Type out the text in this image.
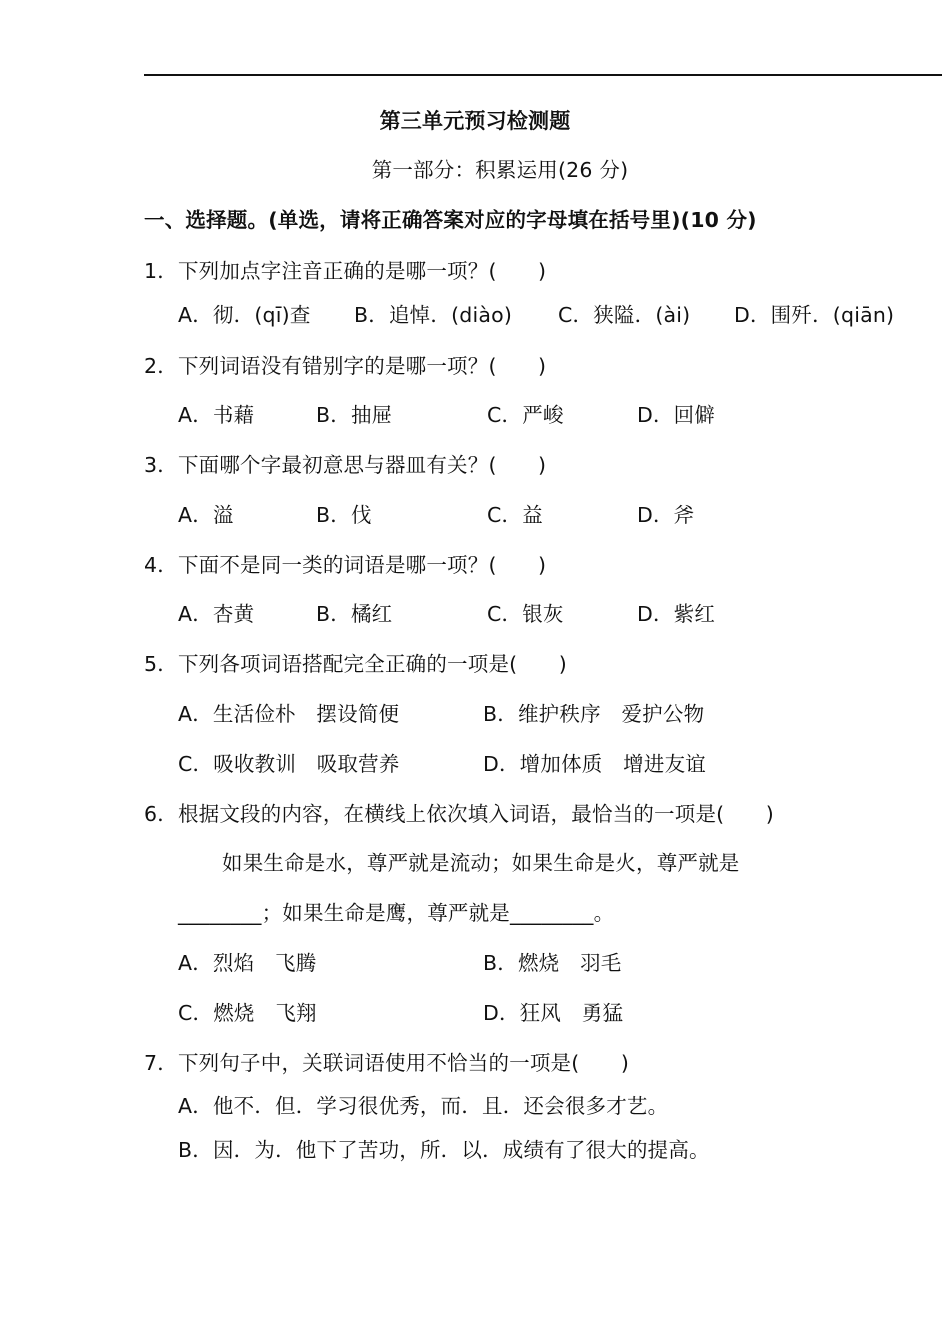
第三单元预习检测题
第一部分：积累运用(26 分)
一、选择题。(单选，请将正确答案对应的字母填在括号里)(10 分)
1．下列加点字注音正确的是哪一项？(　　)
A．彻．(qī)查 B．追悼．(diào) C．狭隘．(ài) D．围歼．(qiān)
2．下列词语没有错别字的是哪一项？(　　)
A．书藉	B．抽屉	C．严峻	D．回僻
3．下面哪个字最初意思与器皿有关？(　　)
A．溢	B．伐	C．益	D．斧
4．下面不是同一类的词语是哪一项？(　　)
A．杏黄	B．橘红	C．银灰	D．紫红
5．下列各项词语搭配完全正确的一项是(　　)
A．生活俭朴　摆设简便	B．维护秩序　爱护公物
C．吸收教训　吸取营养	D．增加体质　增进友谊
6．根据文段的内容，在横线上依次填入词语，最恰当的一项是(　　)
如果生命是水，尊严就是流动；如果生命是火，尊严就是
________；如果生命是鹰，尊严就是________。
A．烈焰　飞腾	B．燃烧　羽毛
C．燃烧　飞翔	D．狂风　勇猛
7．下列句子中，关联词语使用不恰当的一项是(　　)
A．他不．但．学习很优秀，而．且．还会很多才艺。
B．因．为．他下了苦功，所．以．成绩有了很大的提高。
